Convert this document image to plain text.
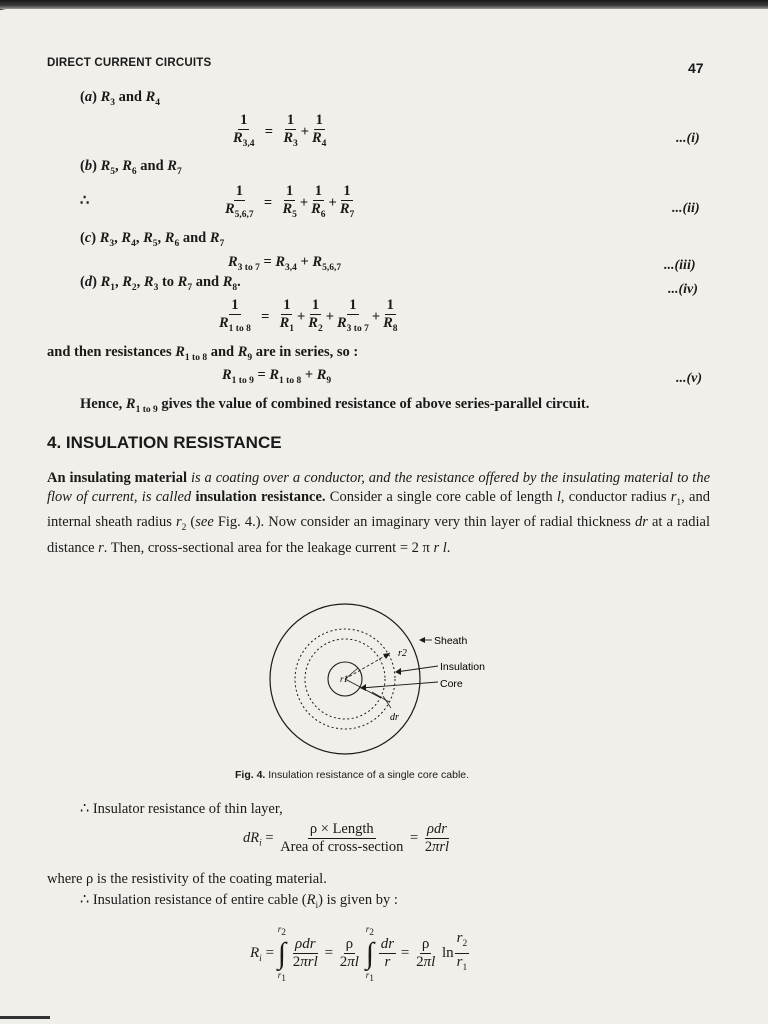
DIRECT CURRENT CIRCUITS	47
(a) $R_3$ and $R_4$
$\frac{1}{R_{3,4}} = \frac{1}{R_3} + \frac{1}{R_4}$	...(i)
(b) $R_5$, $R_6$ and $R_7$
∴	$\frac{1}{R_{5,6,7}} = \frac{1}{R_5} + \frac{1}{R_6} + \frac{1}{R_7}$	...(ii)
(c) $R_3$, $R_4$, $R_5$, $R_6$ and $R_7$
$R_{3 to 7} = R_{3,4} + R_{5,6,7}$	...(iii)
(d) $R_1$, $R_2$, $R_3$ to $R_7$ and $R_8$.	...(iv)
$\frac{1}{R_{1 to 8}} = \frac{1}{R_1} + \frac{1}{R_2} + \frac{1}{R_{3 to 7}} + \frac{1}{R_8}$
and then resistances $R_{1 to 8}$ and $R_9$ are in series, so :
$R_{1 to 9} = R_{1 to 8} + R_9$	...(v)
Hence, $R_{1 to 9}$ gives the value of combined resistance of above series-parallel circuit.
4. INSULATION RESISTANCE
An insulating material is a coating over a conductor, and the resistance offered by the insulating material to the flow of current, is called insulation resistance. Consider a single core cable of length l, conductor radius $r_1$, and internal sheath radius $r_2$ (see Fig. 4.). Now consider an imaginary very thin layer of radial thickness dr at a radial distance r. Then, cross-sectional area for the leakage current = 2 π r l.
Sheath
Insulation
Core
r2
r1
dr
Fig. 4. Insulation resistance of a single core cable.
∴ Insulator resistance of thin layer,
$dR_i = \frac{\text{ρ × Length}}{\text{Area of cross-section}} = \frac{\text{ρdr}}{\text{2πrl}}$
where ρ is the resistivity of the coating material.
∴ Insulation resistance of entire cable $(R_i)$ is given by :
$R_i$ =
$r_2$
∫
$r_1$

$\frac{\text{ρdr}}{\text{2πrl}} = \frac{\rho}{2\pi l}$

$r_2$
∫
$r_1$

$\frac{dr}{r} = \frac{\rho}{2\pi l}$ $\ln \frac{r_2}{r_1}$
